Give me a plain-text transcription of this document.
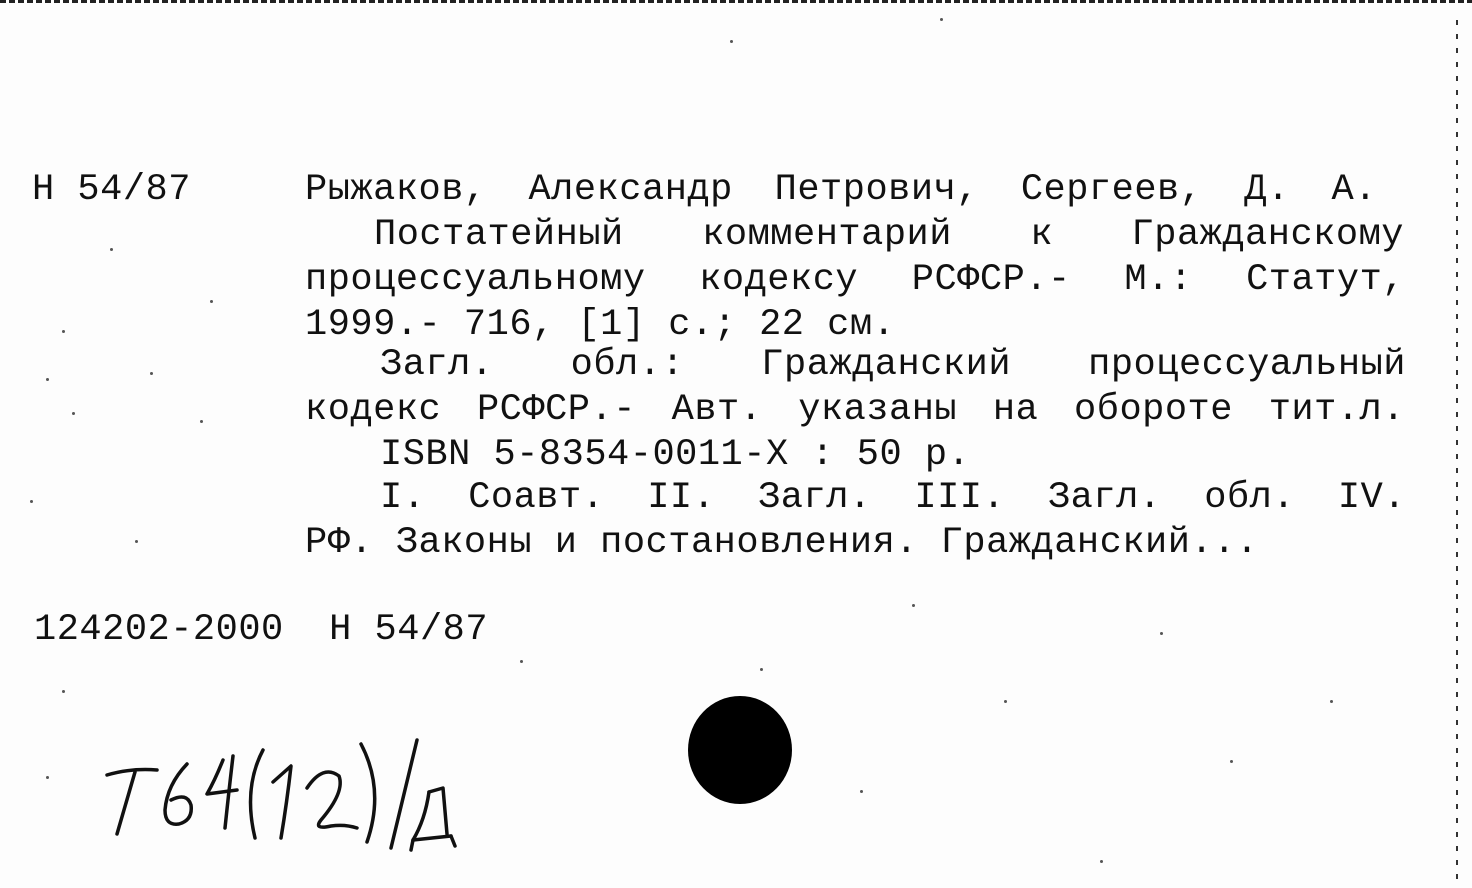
Н 54/87	Рыжаков, Александр Петрович, Сергеев, Д. А.
Постатейный комментарий к Гражданскому
процессуальному кодексу РСФСР.- М.: Статут,
1999.- 716, [1] с.; 22 см.
Загл. обл.: Гражданский процессуальный
кодекс РСФСР.- Авт. указаны на обороте тит.л.
ISBN 5-8354-0011-X : 50 р.
I. Соавт. II. Загл. III. Загл. обл. IV.
РФ. Законы и постановления. Гражданский...
124202-2000  Н 54/87
